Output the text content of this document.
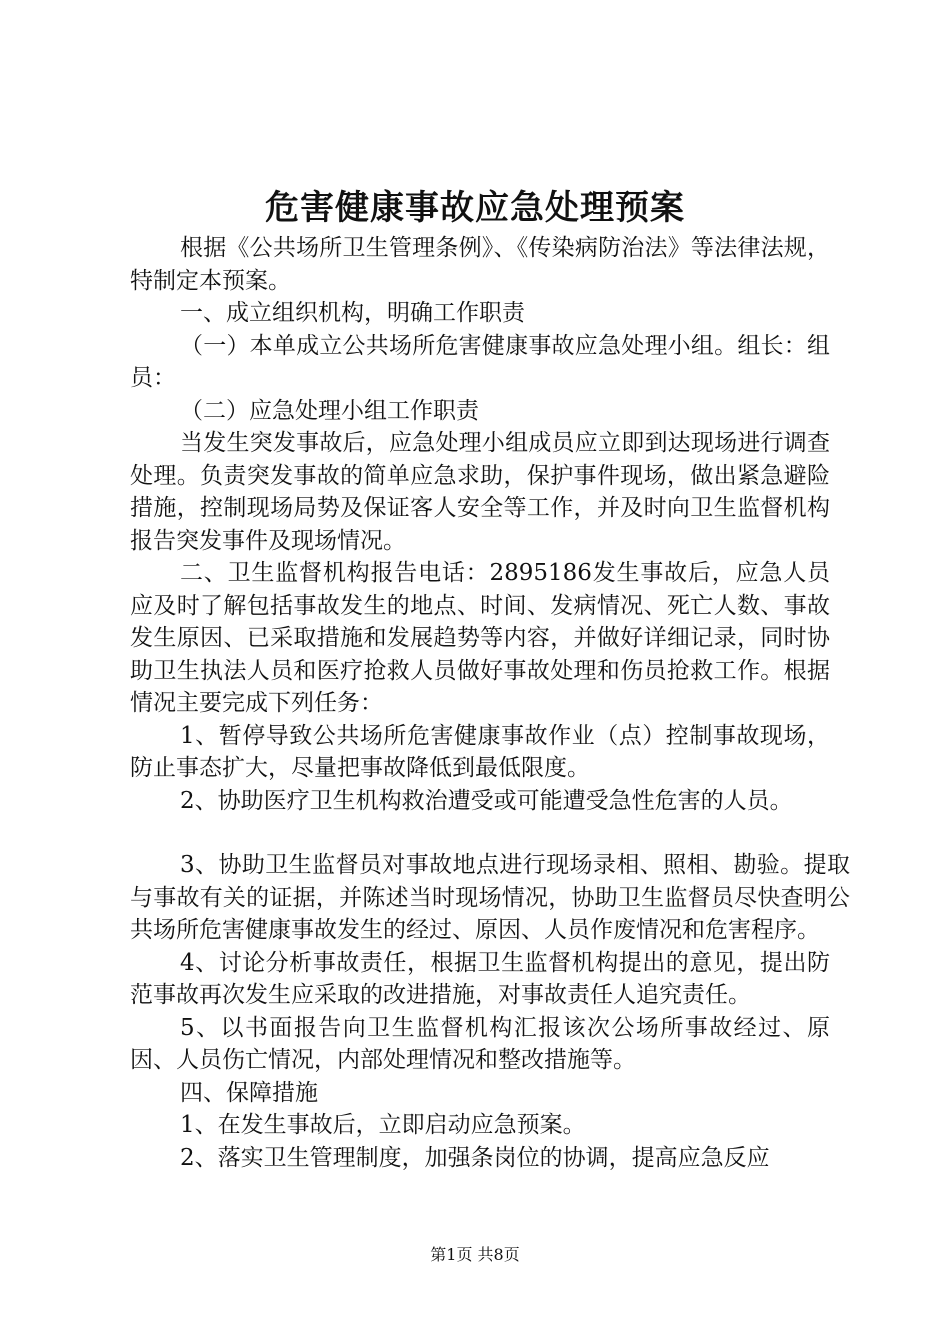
危害健康事故应急处理预案

根据《公共场所卫生管理条例》、《传染病防治法》等法律法规，特制定本预案。

一、成立组织机构，明确工作职责

（一）本单成立公共场所危害健康事故应急处理小组。组长：组员：

（二）应急处理小组工作职责

当发生突发事故后，应急处理小组成员应立即到达现场进行调查处理。负责突发事故的简单应急求助，保护事件现场，做出紧急避险措施，控制现场局势及保证客人安全等工作，并及时向卫生监督机构报告突发事件及现场情况。

二、卫生监督机构报告电话：2895186发生事故后，应急人员应及时了解包括事故发生的地点、时间、发病情况、死亡人数、事故发生原因、已采取措施和发展趋势等内容，并做好详细记录，同时协助卫生执法人员和医疗抢救人员做好事故处理和伤员抢救工作。根据情况主要完成下列任务：

1、暂停导致公共场所危害健康事故作业（点）控制事故现场，防止事态扩大，尽量把事故降低到最低限度。

2、协助医疗卫生机构救治遭受或可能遭受急性危害的人员。

3、协助卫生监督员对事故地点进行现场录相、照相、勘验。提取与事故有关的证据，并陈述当时现场情况，协助卫生监督员尽快查明公共场所危害健康事故发生的经过、原因、人员作废情况和危害程序。

4、讨论分析事故责任，根据卫生监督机构提出的意见，提出防范事故再次发生应采取的改进措施，对事故责任人追究责任。

5、以书面报告向卫生监督机构汇报该次公场所事故经过、原因、人员伤亡情况，内部处理情况和整改措施等。

四、保障措施

1、在发生事故后，立即启动应急预案。

2、落实卫生管理制度，加强条岗位的协调，提高应急反应

第1页 共8页
